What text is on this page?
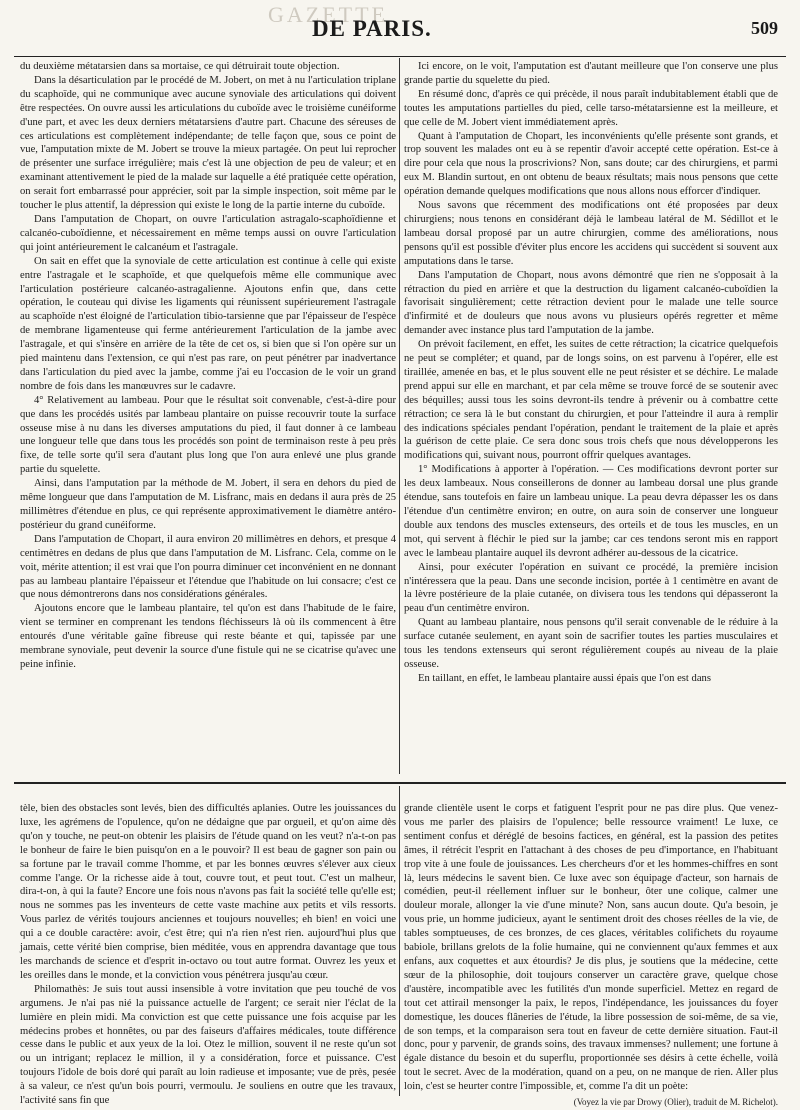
GAZETTE
DE PARIS.	509

du deuxième métatarsien dans sa mortaise, ce qui détruirait toute objection.

Dans la désarticulation par le procédé de M. Jobert, on met à nu l'articulation triplane du scaphoïde, qui ne communique avec aucune synoviale des articulations qui doivent être respectées. On ouvre aussi les articulations du cuboïde avec le troisième cunéiforme d'une part, et avec les deux derniers métatarsiens d'autre part. Chacune des séreuses de ces articulations est complètement indépendante; de telle façon que, sous ce point de vue, l'amputation mixte de M. Jobert se trouve la mieux partagée. On peut lui reprocher de présenter une surface irrégulière; mais c'est là une objection de peu de valeur; et en examinant attentivement le pied de la malade sur laquelle a été pratiquée cette opération, on serait fort embarrassé pour apprécier, soit par la simple inspection, soit même par le toucher le plus attentif, la dépression qui existe le long de la partie interne du cuboïde.

Dans l'amputation de Chopart, on ouvre l'articulation astragalo-scaphoïdienne et calcanéo-cuboïdienne, et nécessairement en même temps aussi on ouvre l'articulation qui joint antérieurement le calcanéum et l'astragale.

On sait en effet que la synoviale de cette articulation est continue à celle qui existe entre l'astragale et le scaphoïde, et que quelquefois même elle communique avec l'articulation postérieure calcanéo-astragalienne. Ajoutons enfin que, dans cette opération, le couteau qui divise les ligaments qui réunissent supérieurement l'astragale au scaphoïde n'est éloigné de l'articulation tibio-tarsienne que par l'épaisseur de l'espèce de membrane ligamenteuse qui ferme antérieurement l'articulation de la jambe avec l'astragale, et qui s'insère en arrière de la tête de cet os, si bien que si l'on opère sur un pied maintenu dans l'extension, ce qui n'est pas rare, on peut pénétrer par inadvertance dans l'articulation du pied avec la jambe, comme j'ai eu l'occasion de le voir un grand nombre de fois dans les manœuvres sur le cadavre.

4° Relativement au lambeau. Pour que le résultat soit convenable, c'est-à-dire pour que dans les procédés usités par lambeau plantaire on puisse recouvrir toute la surface osseuse mise à nu dans les diverses amputations du pied, il faut donner à ce lambeau une longueur telle que dans tous les procédés son point de terminaison reste à peu près fixe, de telle sorte qu'il sera d'autant plus long que l'on aura enlevé une plus grande partie du squelette.

Ainsi, dans l'amputation par la méthode de M. Jobert, il sera en dehors du pied de même longueur que dans l'amputation de M. Lisfranc, mais en dedans il aura près de 25 millimètres d'étendue en plus, ce qui représente approximativement le diamètre antéro-postérieur du grand cunéiforme.

Dans l'amputation de Chopart, il aura environ 20 millimètres en dehors, et presque 4 centimètres en dedans de plus que dans l'amputation de M. Lisfranc. Cela, comme on le voit, mérite attention; il est vrai que l'on pourra diminuer cet inconvénient en ne donnant pas au lambeau plantaire l'épaisseur et l'étendue que l'habitude on lui consacre; c'est ce que nous démontrerons dans nos considérations générales.

Ajoutons encore que le lambeau plantaire, tel qu'on est dans l'habitude de le faire, vient se terminer en comprenant les tendons fléchisseurs là où ils commencent à être entourés d'une véritable gaîne fibreuse qui reste béante et qui, tapissée par une membrane synoviale, peut devenir la source d'une fistule qui ne se cicatrise qu'avec une peine infinie.

Ici encore, on le voit, l'amputation est d'autant meilleure que l'on conserve une plus grande partie du squelette du pied.

En résumé donc, d'après ce qui précède, il nous paraît indubitablement établi que de toutes les amputations partielles du pied, celle tarso-métatarsienne est la meilleure, et que celle de M. Jobert vient immédiatement après.

Quant à l'amputation de Chopart, les inconvénients qu'elle présente sont grands, et trop souvent les malades ont eu à se repentir d'avoir accepté cette opération. Est-ce à dire pour cela que nous la proscrivions? Non, sans doute; car des chirurgiens, et parmi eux M. Blandin surtout, en ont obtenu de beaux résultats; mais nous pensons que cette opération demande quelques modifications que nous allons nous efforcer d'indiquer.

Nous savons que récemment des modifications ont été proposées par deux chirurgiens; nous tenons en considérant déjà le lambeau latéral de M. Sédillot et le lambeau dorsal proposé par un autre chirurgien, comme des améliorations, nous pensons qu'il est possible d'éviter plus encore les accidens qui succèdent si souvent aux amputations dans le tarse.

Dans l'amputation de Chopart, nous avons démontré que rien ne s'opposait à la rétraction du pied en arrière et que la destruction du ligament calcanéo-cuboïdien la favorisait singulièrement; cette rétraction devient pour le malade une telle source d'infirmité et de douleurs que nous avons vu plusieurs opérés regretter et même demander avec instance plus tard l'amputation de la jambe.

On prévoit facilement, en effet, les suites de cette rétraction; la cicatrice quelquefois ne peut se compléter; et quand, par de longs soins, on est parvenu à l'opérer, elle est tiraillée, amenée en bas, et le plus souvent elle ne peut résister et se déchire. Le malade prend appui sur elle en marchant, et par cela même se trouve forcé de se soutenir avec des béquilles; aussi tous les soins devront-ils tendre à prévenir ou à combattre cette rétraction; ce sera là le but constant du chirurgien, et pour l'atteindre il aura à remplir des indications spéciales pendant l'opération, pendant le traitement de la plaie et après la guérison de cette plaie. Ce sera donc sous trois chefs que nous développerons les modifications qui, suivant nous, pourront offrir quelques avantages.

1° Modifications à apporter à l'opération. — Ces modifications devront porter sur les deux lambeaux. Nous conseillerons de donner au lambeau dorsal une plus grande étendue, sans toutefois en faire un lambeau unique. La peau devra dépasser les os dans l'étendue d'un centimètre environ; en outre, on aura soin de conserver une longueur double aux tendons des muscles extenseurs, des orteils et de tous les muscles, en un mot, qui servent à fléchir le pied sur la jambe; car ces tendons seront mis en rapport avec le lambeau plantaire auquel ils devront adhérer au-dessous de la cicatrice.

Ainsi, pour exécuter l'opération en suivant ce procédé, la première incision n'intéressera que la peau. Dans une seconde incision, portée à 1 centimètre en avant de la lèvre postérieure de la plaie cutanée, on divisera tous les tendons qui dépasseront la peau d'un centimètre environ.

Quant au lambeau plantaire, nous pensons qu'il serait convenable de le réduire à la surface cutanée seulement, en ayant soin de sacrifier toutes les parties musculaires et tous les tendons extenseurs qui seront régulièrement coupés au niveau de la plaie osseuse.

En taillant, en effet, le lambeau plantaire aussi épais que l'on est dans

tèle, bien des obstacles sont levés, bien des difficultés aplanies. Outre les jouissances du luxe, les agrémens de l'opulence, qu'on ne dédaigne que par orgueil, et qu'on aime dès qu'on y touche, ne peut-on obtenir les plaisirs de l'étude quand on les veut? n'a-t-on pas le bonheur de faire le bien puisqu'on en a le pouvoir? Il est beau de gagner son pain ou sa fortune par le travail comme l'homme, et par les bonnes œuvres s'élever aux cieux comme l'ange. Or la richesse aide à tout, couvre tout, et peut tout. C'est un malheur, dira-t-on, à qui la faute? Encore une fois nous n'avons pas fait la société telle qu'elle est; nous ne sommes pas les inventeurs de cette vaste machine aux petits et vils ressorts. Vous parlez de vérités toujours anciennes et toujours nouvelles; eh bien! en voici une qui a ce double caractère: avoir, c'est être; qui n'a rien n'est rien. aujourd'hui plus que jamais, cette vérité bien comprise, bien méditée, vous en apprendra davantage que tous les marchands de science et d'esprit in-octavo ou tout autre format. Ouvrez les yeux et les oreilles dans le monde, et la conviction vous pénétrera jusqu'au cœur.

Philomathès: Je suis tout aussi insensible à votre invitation que peu touché de vos argumens. Je n'ai pas nié la puissance actuelle de l'argent; ce serait nier l'éclat de la lumière en plein midi. Ma conviction est que cette puissance une fois acquise par les médecins probes et honnêtes, ou par des faiseurs d'affaires médicales, toute différence cesse dans le public et aux yeux de la loi. Otez le million, souvent il ne reste qu'un sot ou un intrigant; replacez le million, il y a considération, force et puissance. C'est toujours l'idole de bois doré qui paraît au loin radieuse et imposante; vue de près, pesée à sa valeur, ce n'est qu'un bois pourri, vermoulu. Je souliens en outre que les travaux, l'activité sans fin que

grande clientèle usent le corps et fatiguent l'esprit pour ne pas dire plus. Que venez-vous me parler des plaisirs de l'opulence; belle ressource vraiment! Le luxe, ce sentiment confus et déréglé de besoins factices, en général, est la passion des petites âmes, il rétrécit l'esprit en l'attachant à des choses de peu d'importance, en l'habituant trop vite à une foule de jouissances. Les chercheurs d'or et les hommes-chiffres en sont là, leurs médecins le savent bien. Ce luxe avec son équipage d'acteur, son harnais de comédien, peut-il réellement influer sur le bonheur, ôter une colique, calmer une douleur morale, allonger la vie d'une minute? Non, sans aucun doute. Qu'a besoin, je vous prie, un homme judicieux, ayant le sentiment droit des choses réelles de la vie, de tables somptueuses, de ces bronzes, de ces glaces, véritables colifichets du royaume babiole, brillans grelots de la folie humaine, qui ne conviennent qu'aux femmes et aux enfans, aux coquettes et aux étourdis? Je dis plus, je soutiens que la médecine, cette sœur de la philosophie, doit toujours conserver un caractère grave, quelque chose d'austère, incompatible avec les futilités d'un monde superficiel. Mettez en regard de tout cet attirail mensonger la paix, le repos, l'indépendance, les jouissances du foyer domestique, les douces flâneries de l'étude, la libre possession de soi-même, de sa vie, de son temps, et la comparaison sera tout en faveur de cette dernière situation. Faut-il donc, pour y parvenir, de grands soins, des travaux immenses? nullement; une fortune à égale distance du besoin et du superflu, proportionnée ses désirs à cette échelle, voilà tout le secret. Avec de la modération, quand on a peu, on ne manque de rien. Aller plus loin, c'est se heurter contre l'impossible, et, comme l'a dit un poète:

(Voyez la vie par Drowy (Olier), traduit de M. Richelot).
